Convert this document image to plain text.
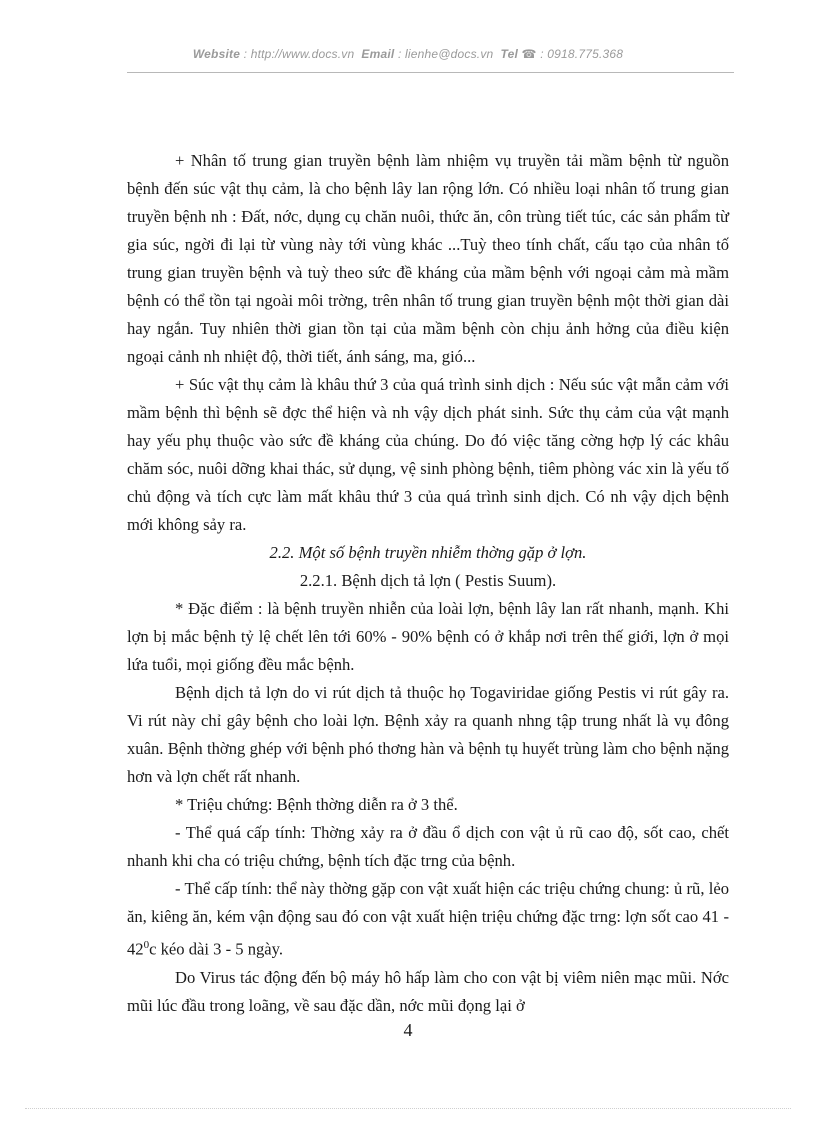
Website : http://www.docs.vn Email : lienhe@docs.vn Tel ☎ : 0918.775.368

+ Nhân tố trung gian truyền bệnh làm nhiệm vụ truyền tải mầm bệnh từ nguồn bệnh đến súc vật thụ cảm, là cho bệnh lây lan rộng lớn. Có nhiều loại nhân tố trung gian truyền bệnh nh : Đất, nớc, dụng cụ chăn nuôi, thức ăn, côn trùng tiết túc, các sản phẩm từ gia súc, ngời đi lại từ vùng này tới vùng khác ...Tuỳ theo tính chất, cấu tạo của nhân tố trung gian truyền bệnh và tuỳ theo sức đề kháng của mầm bệnh với ngoại cảm mà mầm bệnh có thể tồn tại ngoài môi trờng, trên nhân tố trung gian truyền bệnh một thời gian dài hay ngắn. Tuy nhiên thời gian tồn tại của mầm bệnh còn chịu ảnh hởng của điều kiện ngoại cảnh nh nhiệt độ, thời tiết, ánh sáng, ma, gió...

+ Súc vật thụ cảm là khâu thứ 3 của quá trình sinh dịch : Nếu súc vật mẫn cảm với mầm bệnh thì bệnh sẽ đợc thể hiện và nh vậy dịch phát sinh. Sức thụ cảm của vật mạnh hay yếu phụ thuộc vào sức đề kháng của chúng. Do đó việc tăng cờng hợp lý các khâu chăm sóc, nuôi dỡng khai thác, sử dụng, vệ sinh phòng bệnh, tiêm phòng vác xin là yếu tố chủ động và tích cực làm mất khâu thứ 3 của quá trình sinh dịch. Có nh vậy dịch bệnh mới không sảy ra.

2.2. Một số bệnh truyền nhiễm thờng gặp ở lợn.

2.2.1. Bệnh dịch tả lợn ( Pestis Suum).

* Đặc điểm : là bệnh truyền nhiễn của loài lợn, bệnh lây lan rất nhanh, mạnh. Khi lợn bị mắc bệnh tỷ lệ chết lên tới 60% - 90% bệnh có ở khắp nơi trên thế giới, lợn ở mọi lứa tuổi, mọi giống đều mắc bệnh.

Bệnh dịch tả lợn do vi rút dịch tả thuộc họ Togaviridae giống Pestis vi rút gây ra. Vi rút này chỉ gây bệnh cho loài lợn. Bệnh xảy ra quanh nhng tập trung nhất là vụ đông xuân. Bệnh thờng ghép với bệnh phó thơng hàn và bệnh tụ huyết trùng làm cho bệnh nặng hơn và lợn chết rất nhanh.

* Triệu chứng: Bệnh thờng diễn ra ở 3 thể.

- Thể quá cấp tính: Thờng xảy ra ở đầu ổ dịch con vật ủ rũ cao độ, sốt cao, chết nhanh khi cha có triệu chứng, bệnh tích đặc trng của bệnh.

- Thể cấp tính: thể này thờng gặp con vật xuất hiện các triệu chứng chung: ủ rũ, lẻo ăn, kiêng ăn, kém vận động sau đó con vật xuất hiện triệu chứng đặc trng: lợn sốt cao $41 - 42^0c$ kéo dài 3 - 5 ngày.

Do Virus tác động đến bộ máy hô hấp làm cho con vật bị viêm niên mạc mũi. Nớc mũi lúc đầu trong loãng, về sau đặc dần, nớc mũi đọng lại ở

4
